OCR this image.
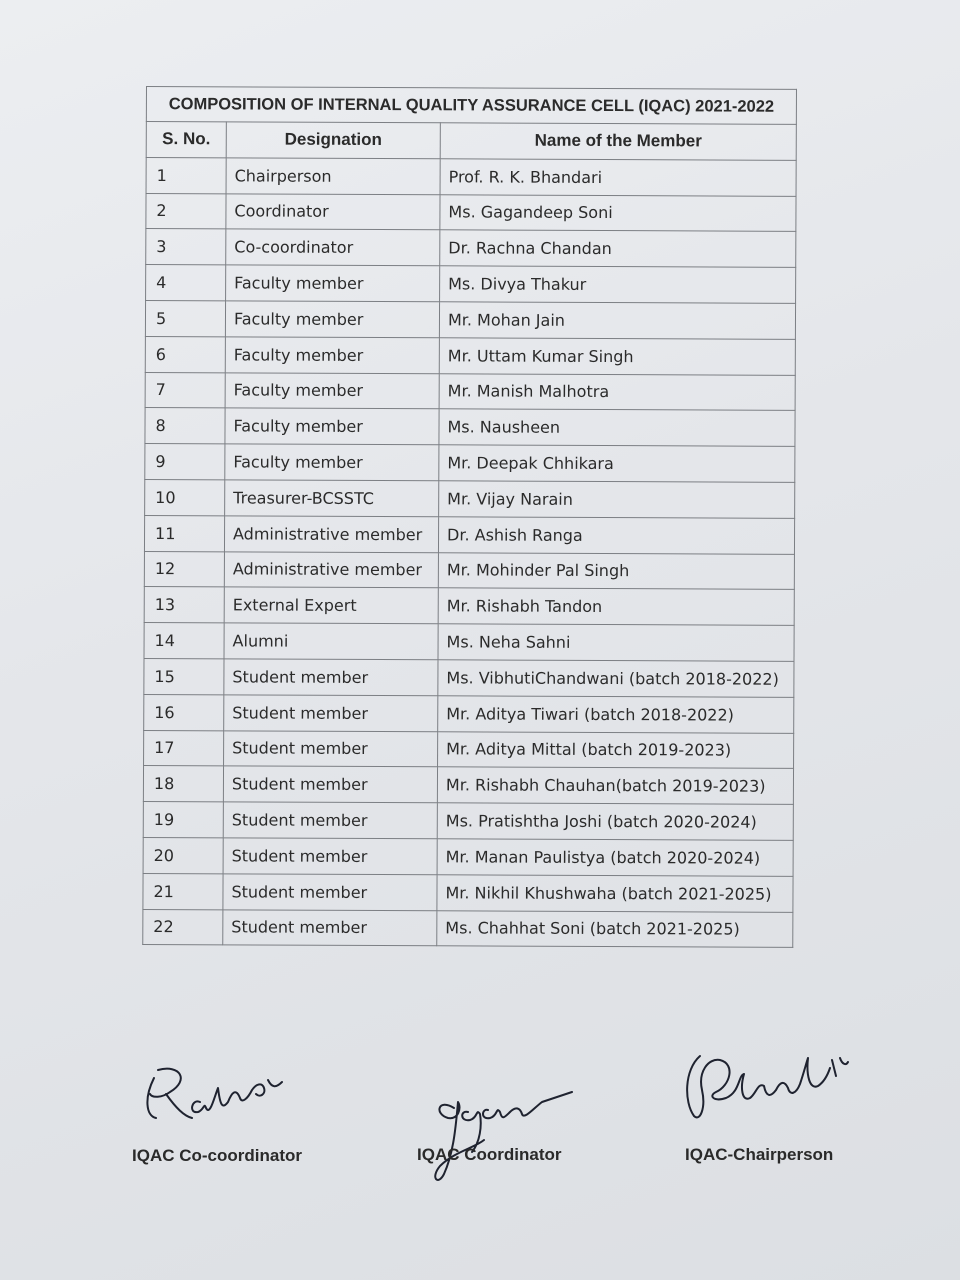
COMPOSITION OF INTERNAL QUALITY ASSURANCE CELL (IQAC) 2021-2022		
S. No.	Designation	Name of the Member
1	Chairperson	Prof. R. K. Bhandari
2	Coordinator	Ms. Gagandeep Soni
3	Co-coordinator	Dr. Rachna Chandan
4	Faculty member	Ms. Divya Thakur
5	Faculty member	Mr. Mohan Jain
6	Faculty member	Mr. Uttam Kumar Singh
7	Faculty member	Mr. Manish Malhotra
8	Faculty member	Ms. Nausheen
9	Faculty member	Mr. Deepak Chhikara
10	Treasurer-BCSSTC	Mr. Vijay Narain
11	Administrative member	Dr. Ashish Ranga
12	Administrative member	Mr. Mohinder Pal Singh
13	External Expert	Mr. Rishabh Tandon
14	Alumni	Ms. Neha Sahni
15	Student member	Ms. VibhutiChandwani (batch 2018-2022)
16	Student member	Mr. Aditya Tiwari (batch 2018-2022)
17	Student member	Mr. Aditya Mittal (batch 2019-2023)
18	Student member	Mr. Rishabh Chauhan(batch 2019-2023)
19	Student member	Ms. Pratishtha Joshi (batch 2020-2024)
20	Student member	Mr. Manan Paulistya (batch 2020-2024)
21	Student member	Mr. Nikhil Khushwaha (batch 2021-2025)
22	Student member	Ms. Chahhat Soni (batch 2021-2025)
IQAC Co-coordinator	IQAC Coordinator	IQAC-Chairperson
